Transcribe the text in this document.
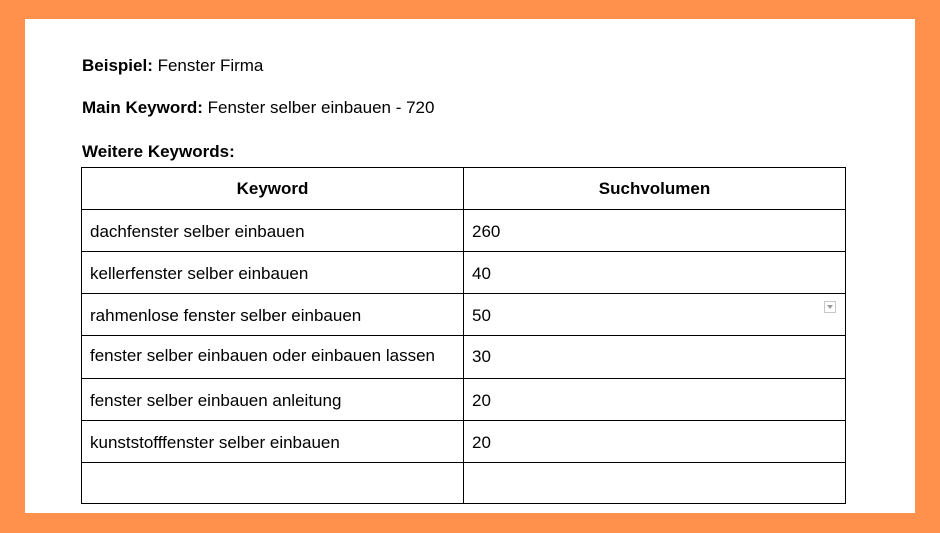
Beispiel: Fenster Firma
Main Keyword: Fenster selber einbauen - 720
Weitere Keywords:
Keyword	Suchvolumen
dachfenster selber einbauen	260
kellerfenster selber einbauen	40
rahmenlose fenster selber einbauen	50
fenster selber einbauen oder einbauen lassen	30
fenster selber einbauen anleitung	20
kunststofffenster selber einbauen	20
